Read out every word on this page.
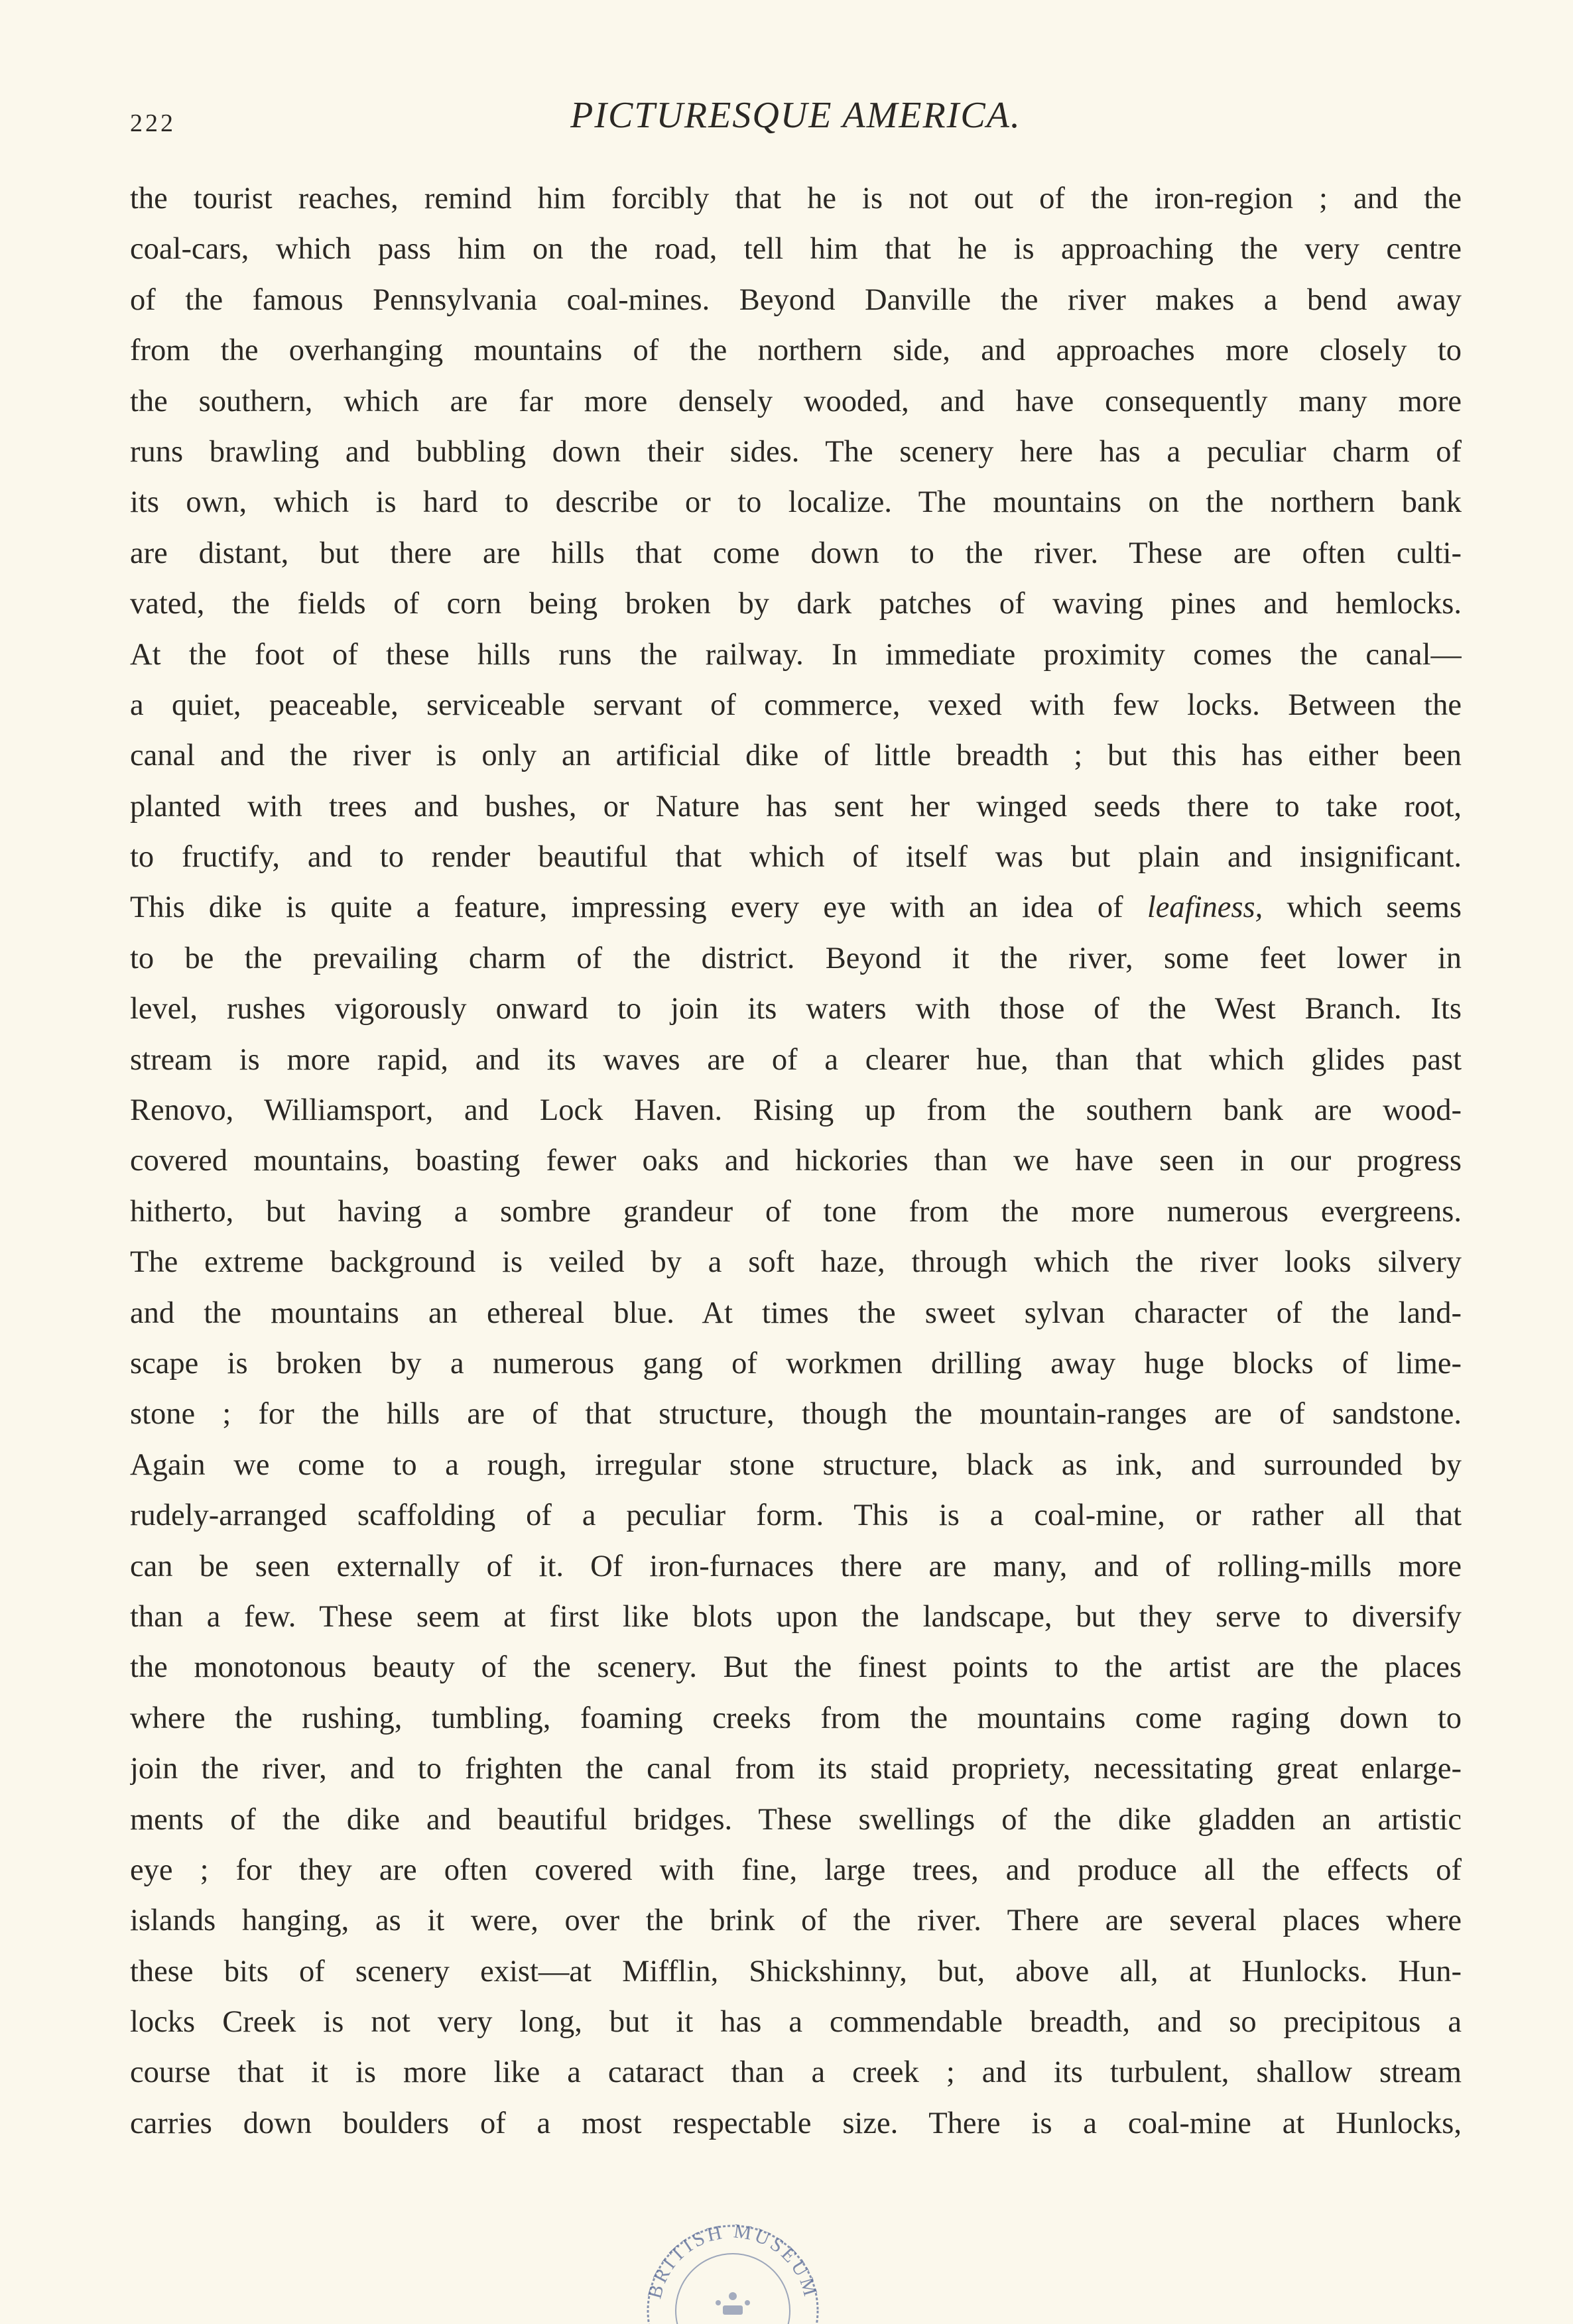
222	PICTURESQUE AMERICA.
the tourist reaches, remind him forcibly that he is not out of the iron-region ; and the
coal-cars, which pass him on the road, tell him that he is approaching the very centre
of the famous Pennsylvania coal-mines. Beyond Danville the river makes a bend away
from the overhanging mountains of the northern side, and approaches more closely to
the southern, which are far more densely wooded, and have consequently many more
runs brawling and bubbling down their sides. The scenery here has a peculiar charm of
its own, which is hard to describe or to localize. The mountains on the northern bank
are distant, but there are hills that come down to the river. These are often culti-
vated, the fields of corn being broken by dark patches of waving pines and hemlocks.
At the foot of these hills runs the railway. In immediate proximity comes the canal—
a quiet, peaceable, serviceable servant of commerce, vexed with few locks. Between the
canal and the river is only an artificial dike of little breadth ; but this has either been
planted with trees and bushes, or Nature has sent her winged seeds there to take root,
to fructify, and to render beautiful that which of itself was but plain and insignificant.
This dike is quite a feature, impressing every eye with an idea of leafiness, which seems
to be the prevailing charm of the district. Beyond it the river, some feet lower in
level, rushes vigorously onward to join its waters with those of the West Branch. Its
stream is more rapid, and its waves are of a clearer hue, than that which glides past
Renovo, Williamsport, and Lock Haven. Rising up from the southern bank are wood-
covered mountains, boasting fewer oaks and hickories than we have seen in our progress
hitherto, but having a sombre grandeur of tone from the more numerous evergreens.
The extreme background is veiled by a soft haze, through which the river looks silvery
and the mountains an ethereal blue. At times the sweet sylvan character of the land-
scape is broken by a numerous gang of workmen drilling away huge blocks of lime-
stone ; for the hills are of that structure, though the mountain-ranges are of sandstone.
Again we come to a rough, irregular stone structure, black as ink, and surrounded by
rudely-arranged scaffolding of a peculiar form. This is a coal-mine, or rather all that
can be seen externally of it. Of iron-furnaces there are many, and of rolling-mills more
than a few. These seem at first like blots upon the landscape, but they serve to diversify
the monotonous beauty of the scenery. But the finest points to the artist are the places
where the rushing, tumbling, foaming creeks from the mountains come raging down to
join the river, and to frighten the canal from its staid propriety, necessitating great enlarge-
ments of the dike and beautiful bridges. These swellings of the dike gladden an artistic
eye ; for they are often covered with fine, large trees, and produce all the effects of
islands hanging, as it were, over the brink of the river. There are several places where
these bits of scenery exist—at Mifflin, Shickshinny, but, above all, at Hunlocks. Hun-
locks Creek is not very long, but it has a commendable breadth, and so precipitous a
course that it is more like a cataract than a creek ; and its turbulent, shallow stream
carries down boulders of a most respectable size. There is a coal-mine at Hunlocks,
BRITISH MUSEUM
